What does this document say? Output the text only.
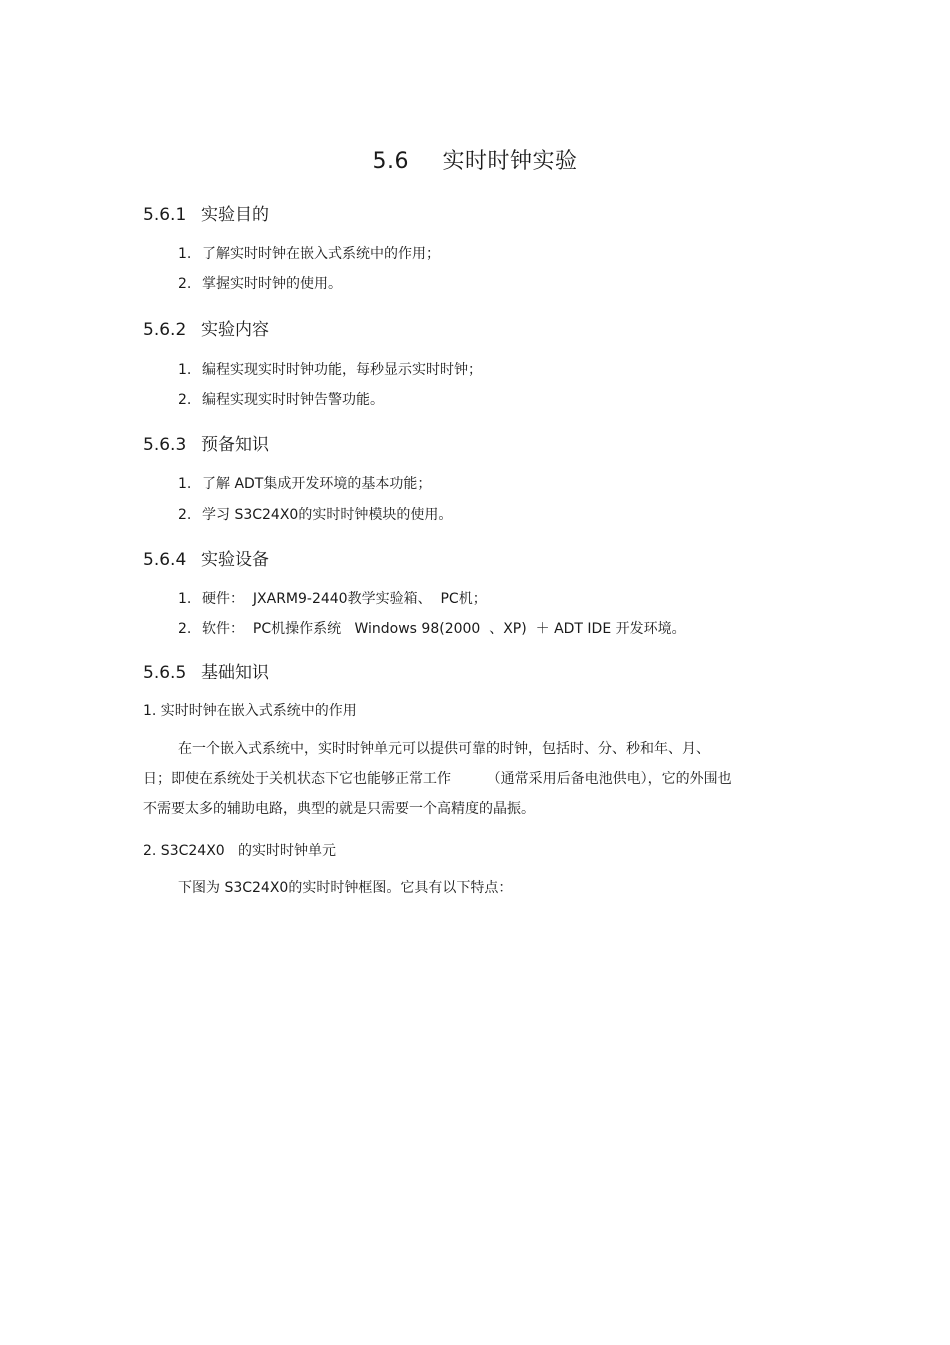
5.6 实时时钟实验
5.6.1 实验目的
1. 了解实时时钟在嵌入式系统中的作用；
2. 掌握实时时钟的使用。
5.6.2 实验内容
1. 编程实现实时时钟功能，每秒显示实时时钟；
2. 编程实现实时时钟告警功能。
5.6.3 预备知识
1. 了解 ADT集成开发环境的基本功能；
2. 学习 S3C24X0的实时时钟模块的使用。
5.6.4 实验设备
1. 硬件：  JXARM9-2440教学实验箱、  PC机；
2. 软件：  PC机操作系统   Windows 98(2000  、XP)  ＋ ADT IDE 开发环境。
5.6.5 基础知识
1. 实时时钟在嵌入式系统中的作用
在一个嵌入式系统中，实时时钟单元可以提供可靠的时钟，包括时、分、秒和年、月、
日；即使在系统处于关机状态下它也能够正常工作        （通常采用后备电池供电），它的外围也
不需要太多的辅助电路，典型的就是只需要一个高精度的晶振。
2. S3C24X0   的实时时钟单元
下图为 S3C24X0的实时时钟框图。它具有以下特点：
